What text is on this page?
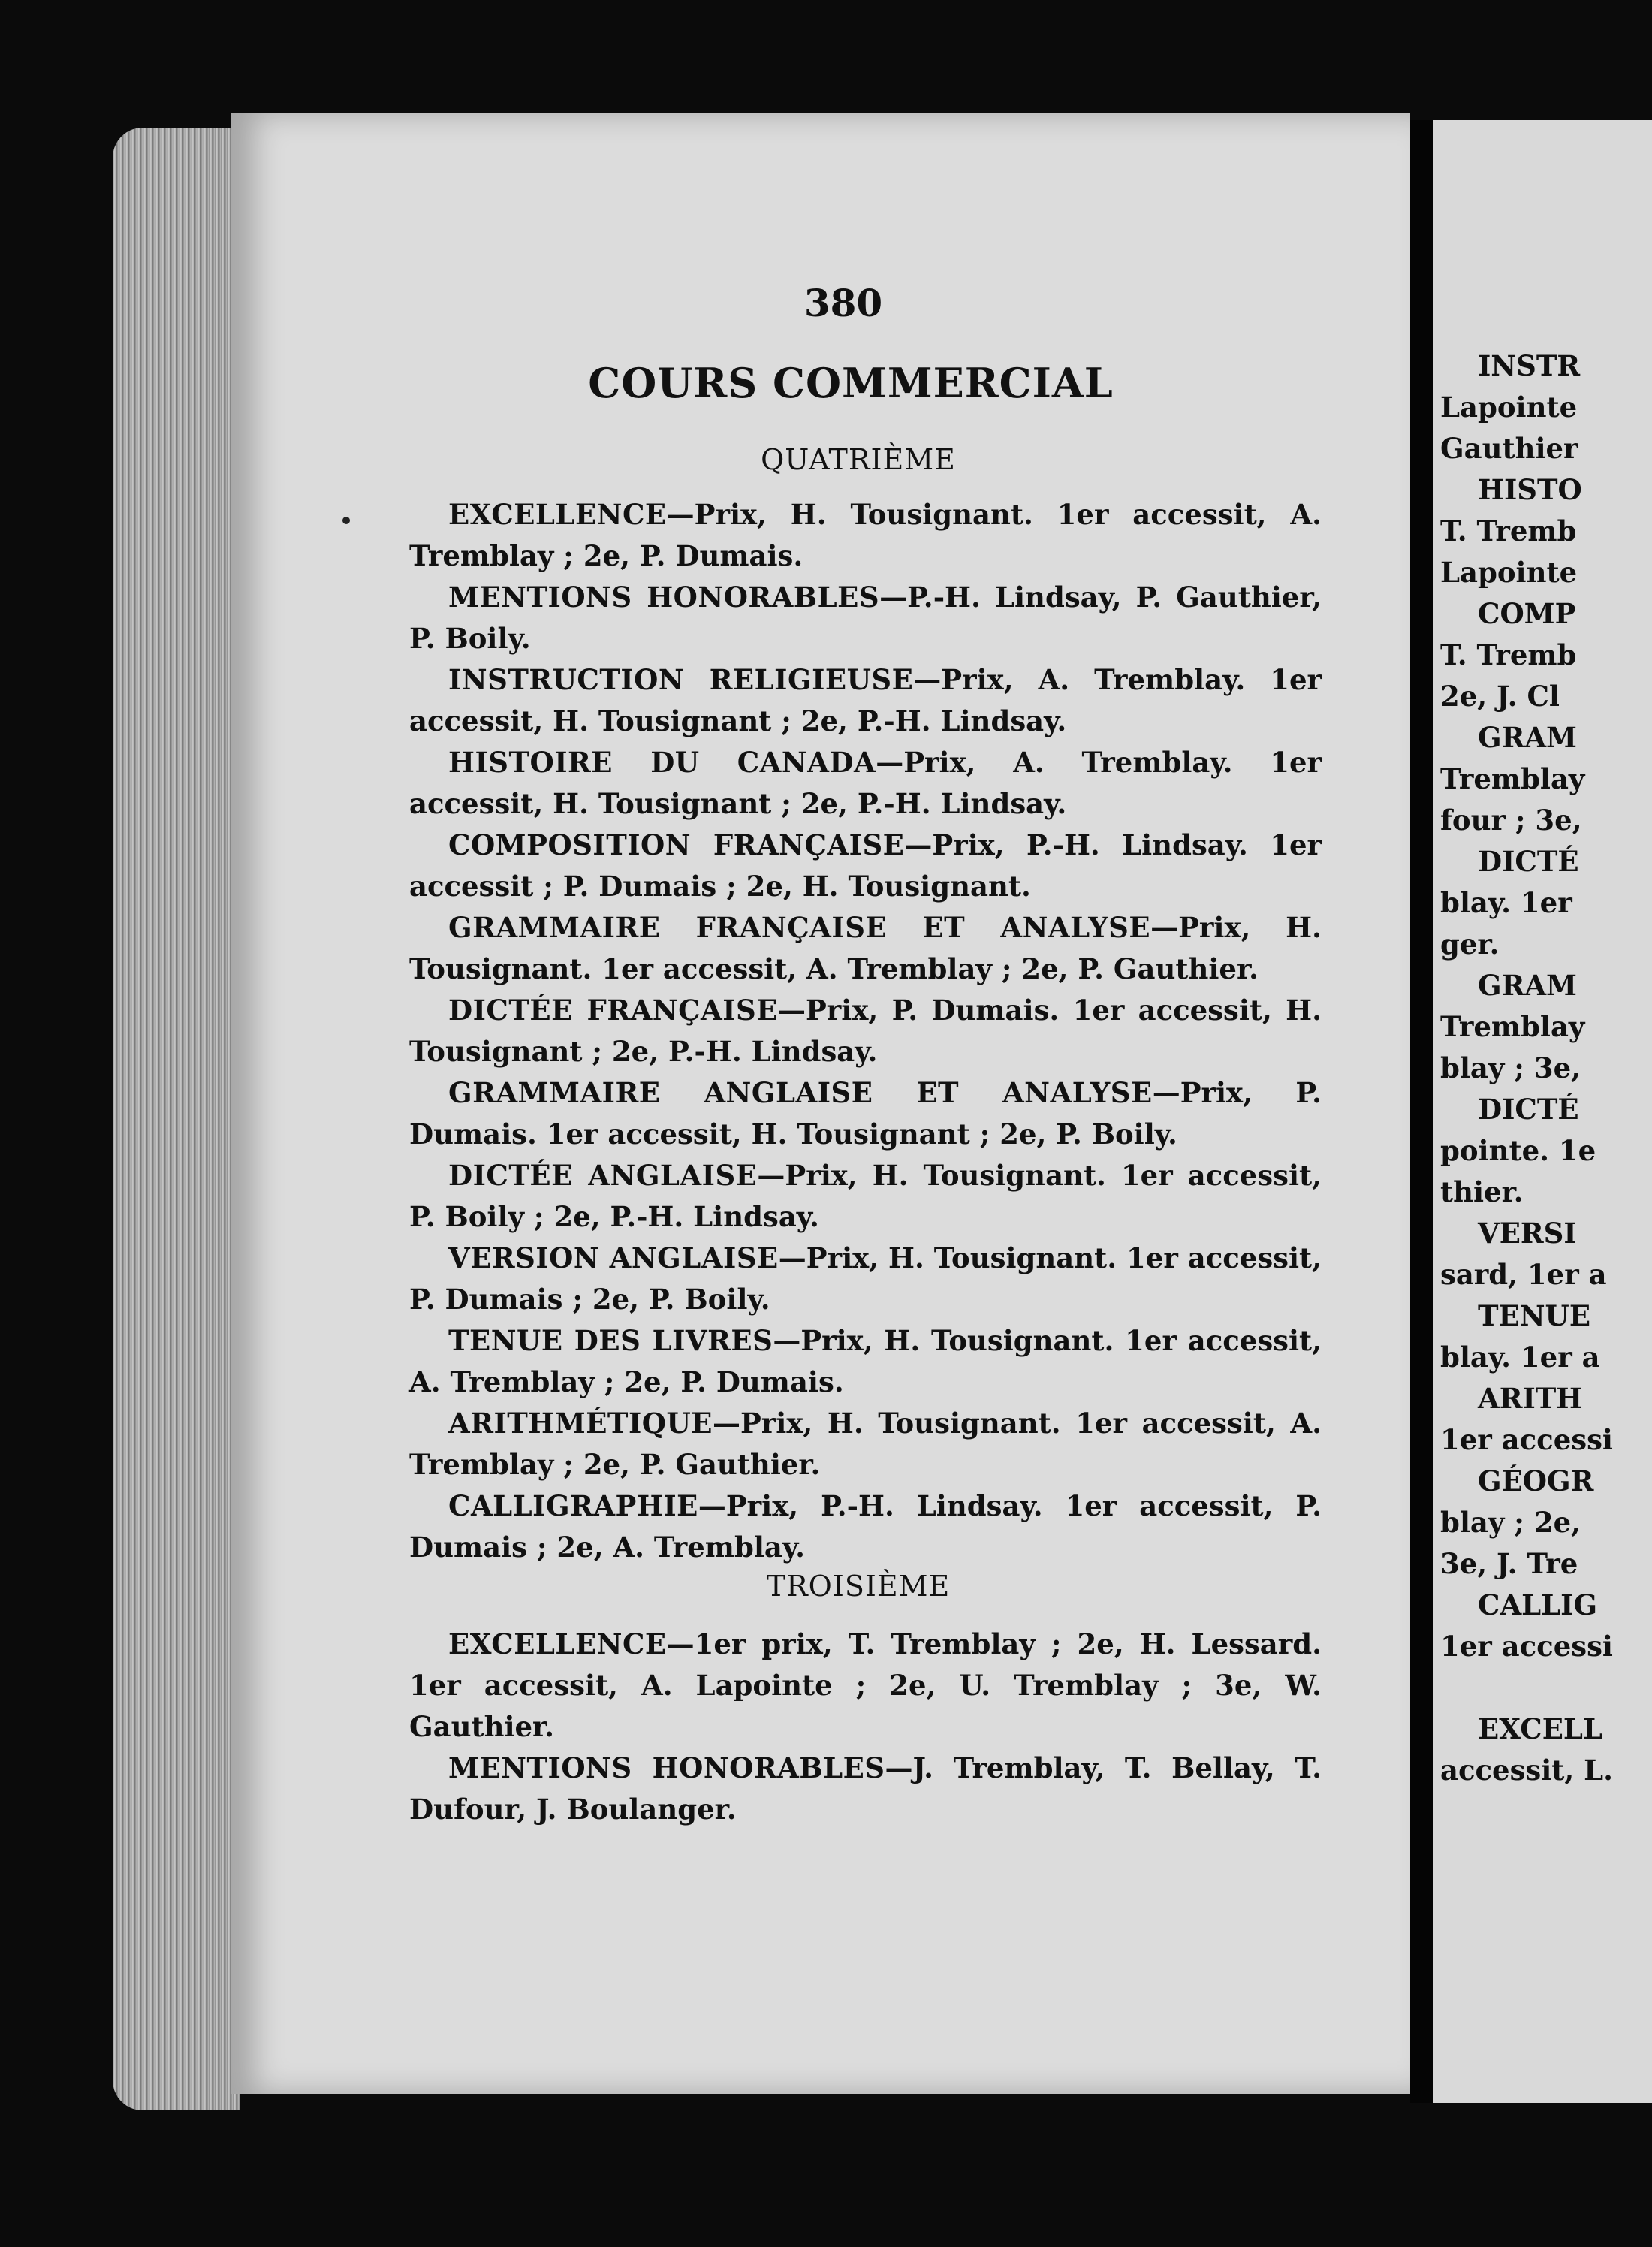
380
COURS COMMERCIAL
QUATRIÈME

EXCELLENCE—Prix, H. Tousignant. 1er accessit, A. Tremblay ; 2e, P. Dumais.

MENTIONS HONORABLES—P.-H. Lindsay, P. Gauthier, P. Boily.

INSTRUCTION RELIGIEUSE—Prix, A. Tremblay. 1er accessit, H. Tousignant ; 2e, P.-H. Lindsay.

HISTOIRE DU CANADA—Prix, A. Tremblay. 1er accessit, H. Tousignant ; 2e, P.-H. Lindsay.

COMPOSITION FRANÇAISE—Prix, P.-H. Lindsay. 1er accessit ; P. Dumais ; 2e, H. Tousignant.

GRAMMAIRE FRANÇAISE ET ANALYSE—Prix, H. Tousignant. 1er accessit, A. Tremblay ; 2e, P. Gauthier.

DICTÉE FRANÇAISE—Prix, P. Dumais. 1er accessit, H. Tousignant ; 2e, P.-H. Lindsay.

GRAMMAIRE ANGLAISE ET ANALYSE—Prix, P. Dumais. 1er accessit, H. Tousignant ; 2e, P. Boily.

DICTÉE ANGLAISE—Prix, H. Tousignant. 1er accessit, P. Boily ; 2e, P.-H. Lindsay.

VERSION ANGLAISE—Prix, H. Tousignant. 1er accessit, P. Dumais ; 2e, P. Boily.

TENUE DES LIVRES—Prix, H. Tousignant. 1er accessit, A. Tremblay ; 2e, P. Dumais.

ARITHMÉTIQUE—Prix, H. Tousignant. 1er accessit, A. Tremblay ; 2e, P. Gauthier.

CALLIGRAPHIE—Prix, P.-H. Lindsay. 1er accessit, P. Dumais ; 2e, A. Tremblay.

TROISIÈME

EXCELLENCE—1er prix, T. Tremblay ; 2e, H. Lessard. 1er accessit, A. Lapointe ; 2e, U. Tremblay ; 3e, W. Gauthier.

MENTIONS HONORABLES—J. Tremblay, T. Bellay, T. Dufour, J. Boulanger.

INSTR
Lapointe
Gauthier
HISTO
T. Tremb
Lapointe
COMP
T. Tremb
2e, J. Cl
GRAM
Tremblay
four ; 3e,
DICTÉ
blay. 1er
ger.
GRAM
Tremblay
blay ; 3e,
DICTÉ
pointe. 1e
thier.
VERSI
sard, 1er a
TENUE
blay. 1er a
ARITH
1er accessi
GÉOGR
blay ; 2e,
3e, J. Tre
CALLIG
1er accessi
EXCELL
accessit, L.
